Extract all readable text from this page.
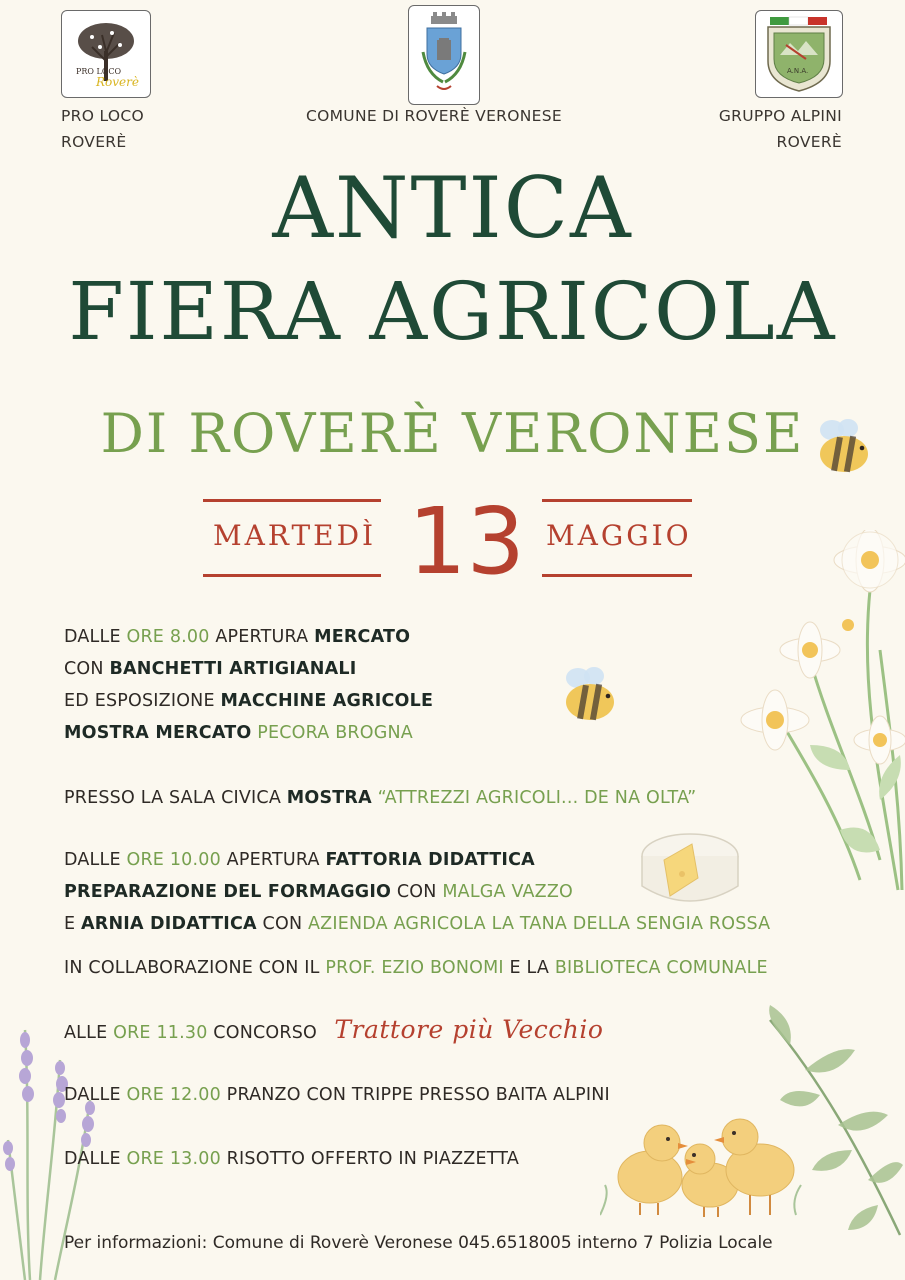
PRO LOCO
Roverè
PRO LOCO
ROVERÈ
COMUNE DI ROVERÈ VERONESE
A.N.A.
GRUPPO ALPINI
ROVERÈ
ANTICA
FIERA AGRICOLA
DI ROVERÈ VERONESE
MARTEDÌ 13 MAGGIO
DALLE ORE 8.00 APERTURA MERCATO
CON BANCHETTI ARTIGIANALI
ED ESPOSIZIONE MACCHINE AGRICOLE
MOSTRA MERCATO PECORA BROGNA
PRESSO LA SALA CIVICA MOSTRA “ATTREZZI AGRICOLI... DE NA OLTA”
DALLE ORE 10.00 APERTURA FATTORIA DIDATTICA
PREPARAZIONE DEL FORMAGGIO CON MALGA VAZZO
E ARNIA DIDATTICA CON AZIENDA AGRICOLA LA TANA DELLA SENGIA ROSSA
IN COLLABORAZIONE CON IL PROF. EZIO BONOMI E LA BIBLIOTECA COMUNALE
ALLE ORE 11.30 CONCORSO   Trattore più Vecchio
DALLE ORE 12.00 PRANZO CON TRIPPE PRESSO BAITA ALPINI
DALLE ORE 13.00 RISOTTO OFFERTO IN PIAZZETTA
Per informazioni: Comune di Roverè Veronese 045.6518005 interno 7 Polizia Locale
